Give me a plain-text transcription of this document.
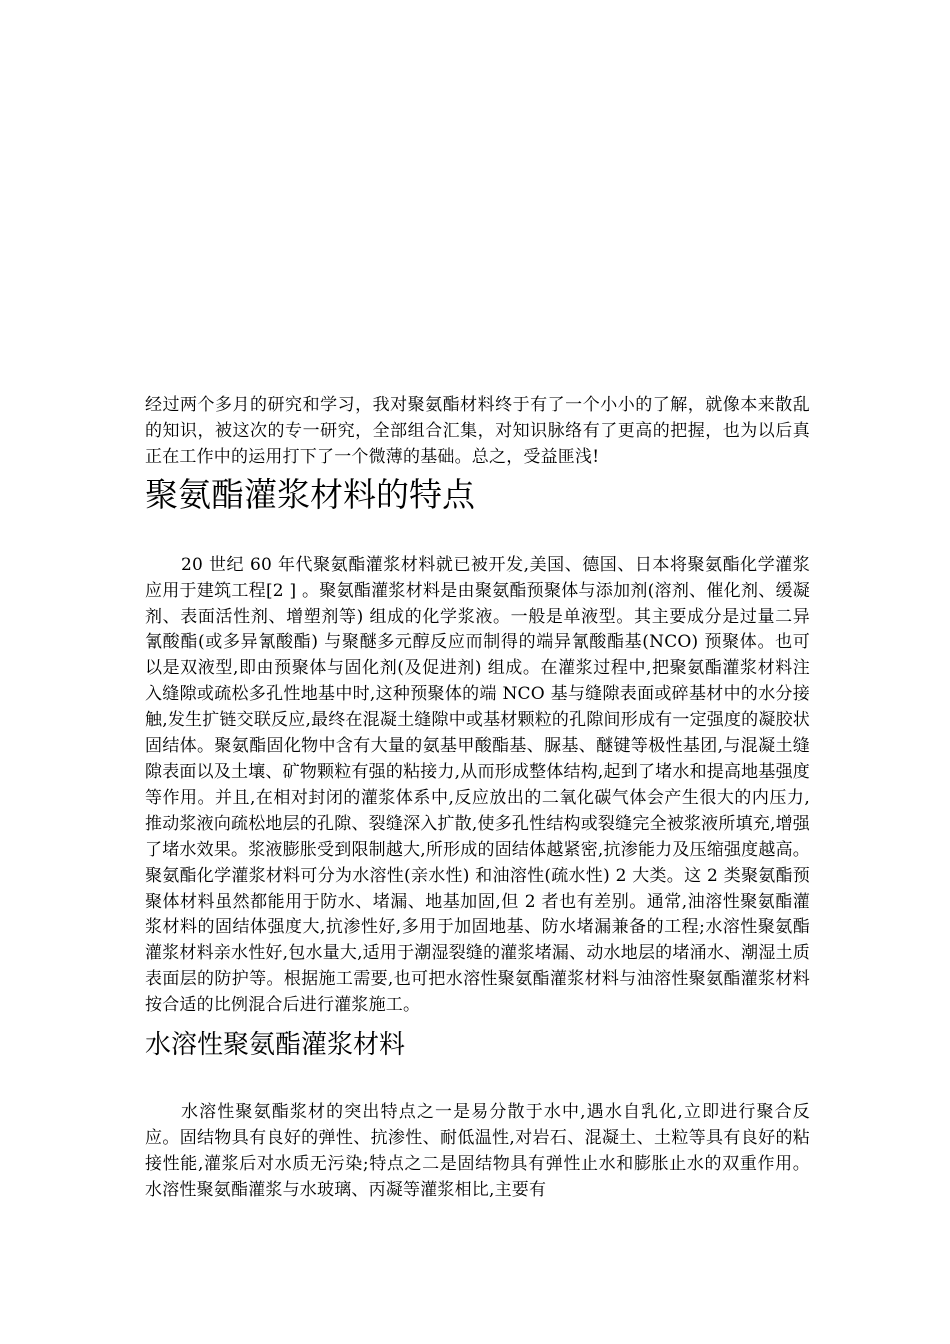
经过两个多月的研究和学习，我对聚氨酯材料终于有了一个小小的了解，就像本来散乱的知识，被这次的专一研究，全部组合汇集，对知识脉络有了更高的把握，也为以后真正在工作中的运用打下了一个微薄的基础。总之，受益匪浅!

聚氨酯灌浆材料的特点

20 世纪 60 年代聚氨酯灌浆材料就已被开发,美国、德国、日本将聚氨酯化学灌浆应用于建筑工程[2 ] 。聚氨酯灌浆材料是由聚氨酯预聚体与添加剂(溶剂、催化剂、缓凝剂、表面活性剂、增塑剂等) 组成的化学浆液。一般是单液型。其主要成分是过量二异氰酸酯(或多异氰酸酯) 与聚醚多元醇反应而制得的端异氰酸酯基(NCO) 预聚体。也可以是双液型,即由预聚体与固化剂(及促进剂) 组成。在灌浆过程中,把聚氨酯灌浆材料注入缝隙或疏松多孔性地基中时,这种预聚体的端 NCO 基与缝隙表面或碎基材中的水分接触,发生扩链交联反应,最终在混凝土缝隙中或基材颗粒的孔隙间形成有一定强度的凝胶状固结体。聚氨酯固化物中含有大量的氨基甲酸酯基、脲基、醚键等极性基团,与混凝土缝隙表面以及土壤、矿物颗粒有强的粘接力,从而形成整体结构,起到了堵水和提高地基强度等作用。并且,在相对封闭的灌浆体系中,反应放出的二氧化碳气体会产生很大的内压力,推动浆液向疏松地层的孔隙、裂缝深入扩散,使多孔性结构或裂缝完全被浆液所填充,增强了堵水效果。浆液膨胀受到限制越大,所形成的固结体越紧密,抗渗能力及压缩强度越高。聚氨酯化学灌浆材料可分为水溶性(亲水性) 和油溶性(疏水性) 2 大类。这 2 类聚氨酯预聚体材料虽然都能用于防水、堵漏、地基加固,但 2 者也有差别。通常,油溶性聚氨酯灌浆材料的固结体强度大,抗渗性好,多用于加固地基、防水堵漏兼备的工程;水溶性聚氨酯灌浆材料亲水性好,包水量大,适用于潮湿裂缝的灌浆堵漏、动水地层的堵涌水、潮湿土质表面层的防护等。根据施工需要,也可把水溶性聚氨酯灌浆材料与油溶性聚氨酯灌浆材料按合适的比例混合后进行灌浆施工。

水溶性聚氨酯灌浆材料

水溶性聚氨酯浆材的突出特点之一是易分散于水中,遇水自乳化,立即进行聚合反应。固结物具有良好的弹性、抗渗性、耐低温性,对岩石、混凝土、土粒等具有良好的粘接性能,灌浆后对水质无污染;特点之二是固结物具有弹性止水和膨胀止水的双重作用。水溶性聚氨酯灌浆与水玻璃、丙凝等灌浆相比,主要有
